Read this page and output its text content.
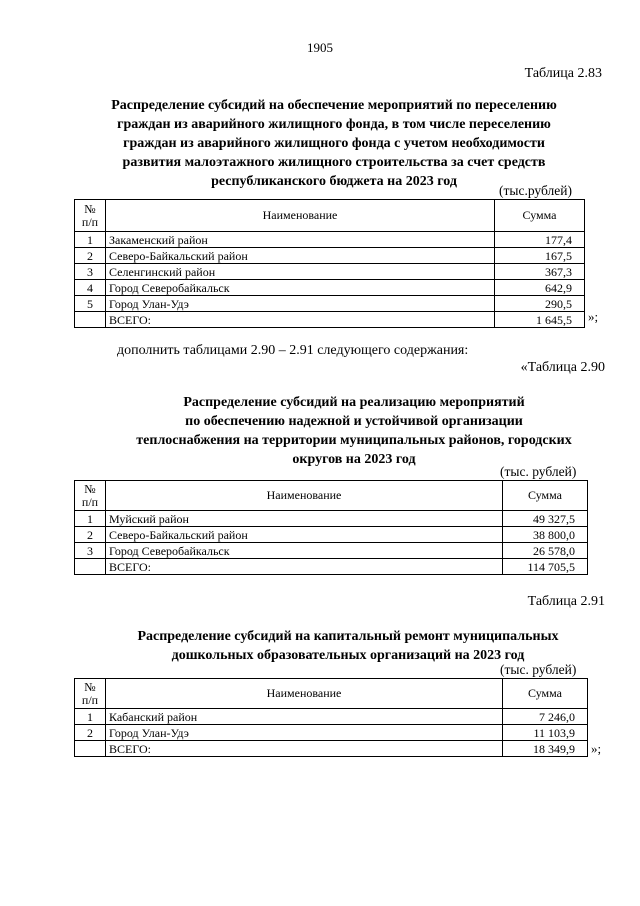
1905
Таблица 2.83
Распределение субсидий на обеспечение мероприятий по переселению
граждан из аварийного жилищного фонда, в том числе переселению
граждан из аварийного жилищного фонда с учетом необходимости
развития малоэтажного жилищного строительства за счет средств
республиканского бюджета на 2023 год
(тыс.рублей)
№
п/п	Наименование	Сумма
1	Закаменский район	177,4
2	Северо-Байкальский район	167,5
3	Селенгинский район	367,3
4	Город Северобайкальск	642,9
5	Город Улан-Удэ	290,5
	ВСЕГО:	1 645,5 »;
дополнить таблицами 2.90 – 2.91 следующего содержания:
«Таблица 2.90
Распределение субсидий на реализацию мероприятий
по обеспечению надежной и устойчивой организации
теплоснабжения на территории муниципальных районов, городских
округов на 2023 год
(тыс. рублей)
№
п/п	Наименование	Сумма
1	Муйский район	49 327,5
2	Северо-Байкальский район	38 800,0
3	Город Северобайкальск	26 578,0
	ВСЕГО:	114 705,5
Таблица 2.91
Распределение субсидий на капитальный ремонт муниципальных
дошкольных образовательных организаций на 2023 год
(тыс. рублей)
№
п/п	Наименование	Сумма
1	Кабанский район	7 246,0
2	Город Улан-Удэ	11 103,9
	ВСЕГО:	18 349,9 »;
